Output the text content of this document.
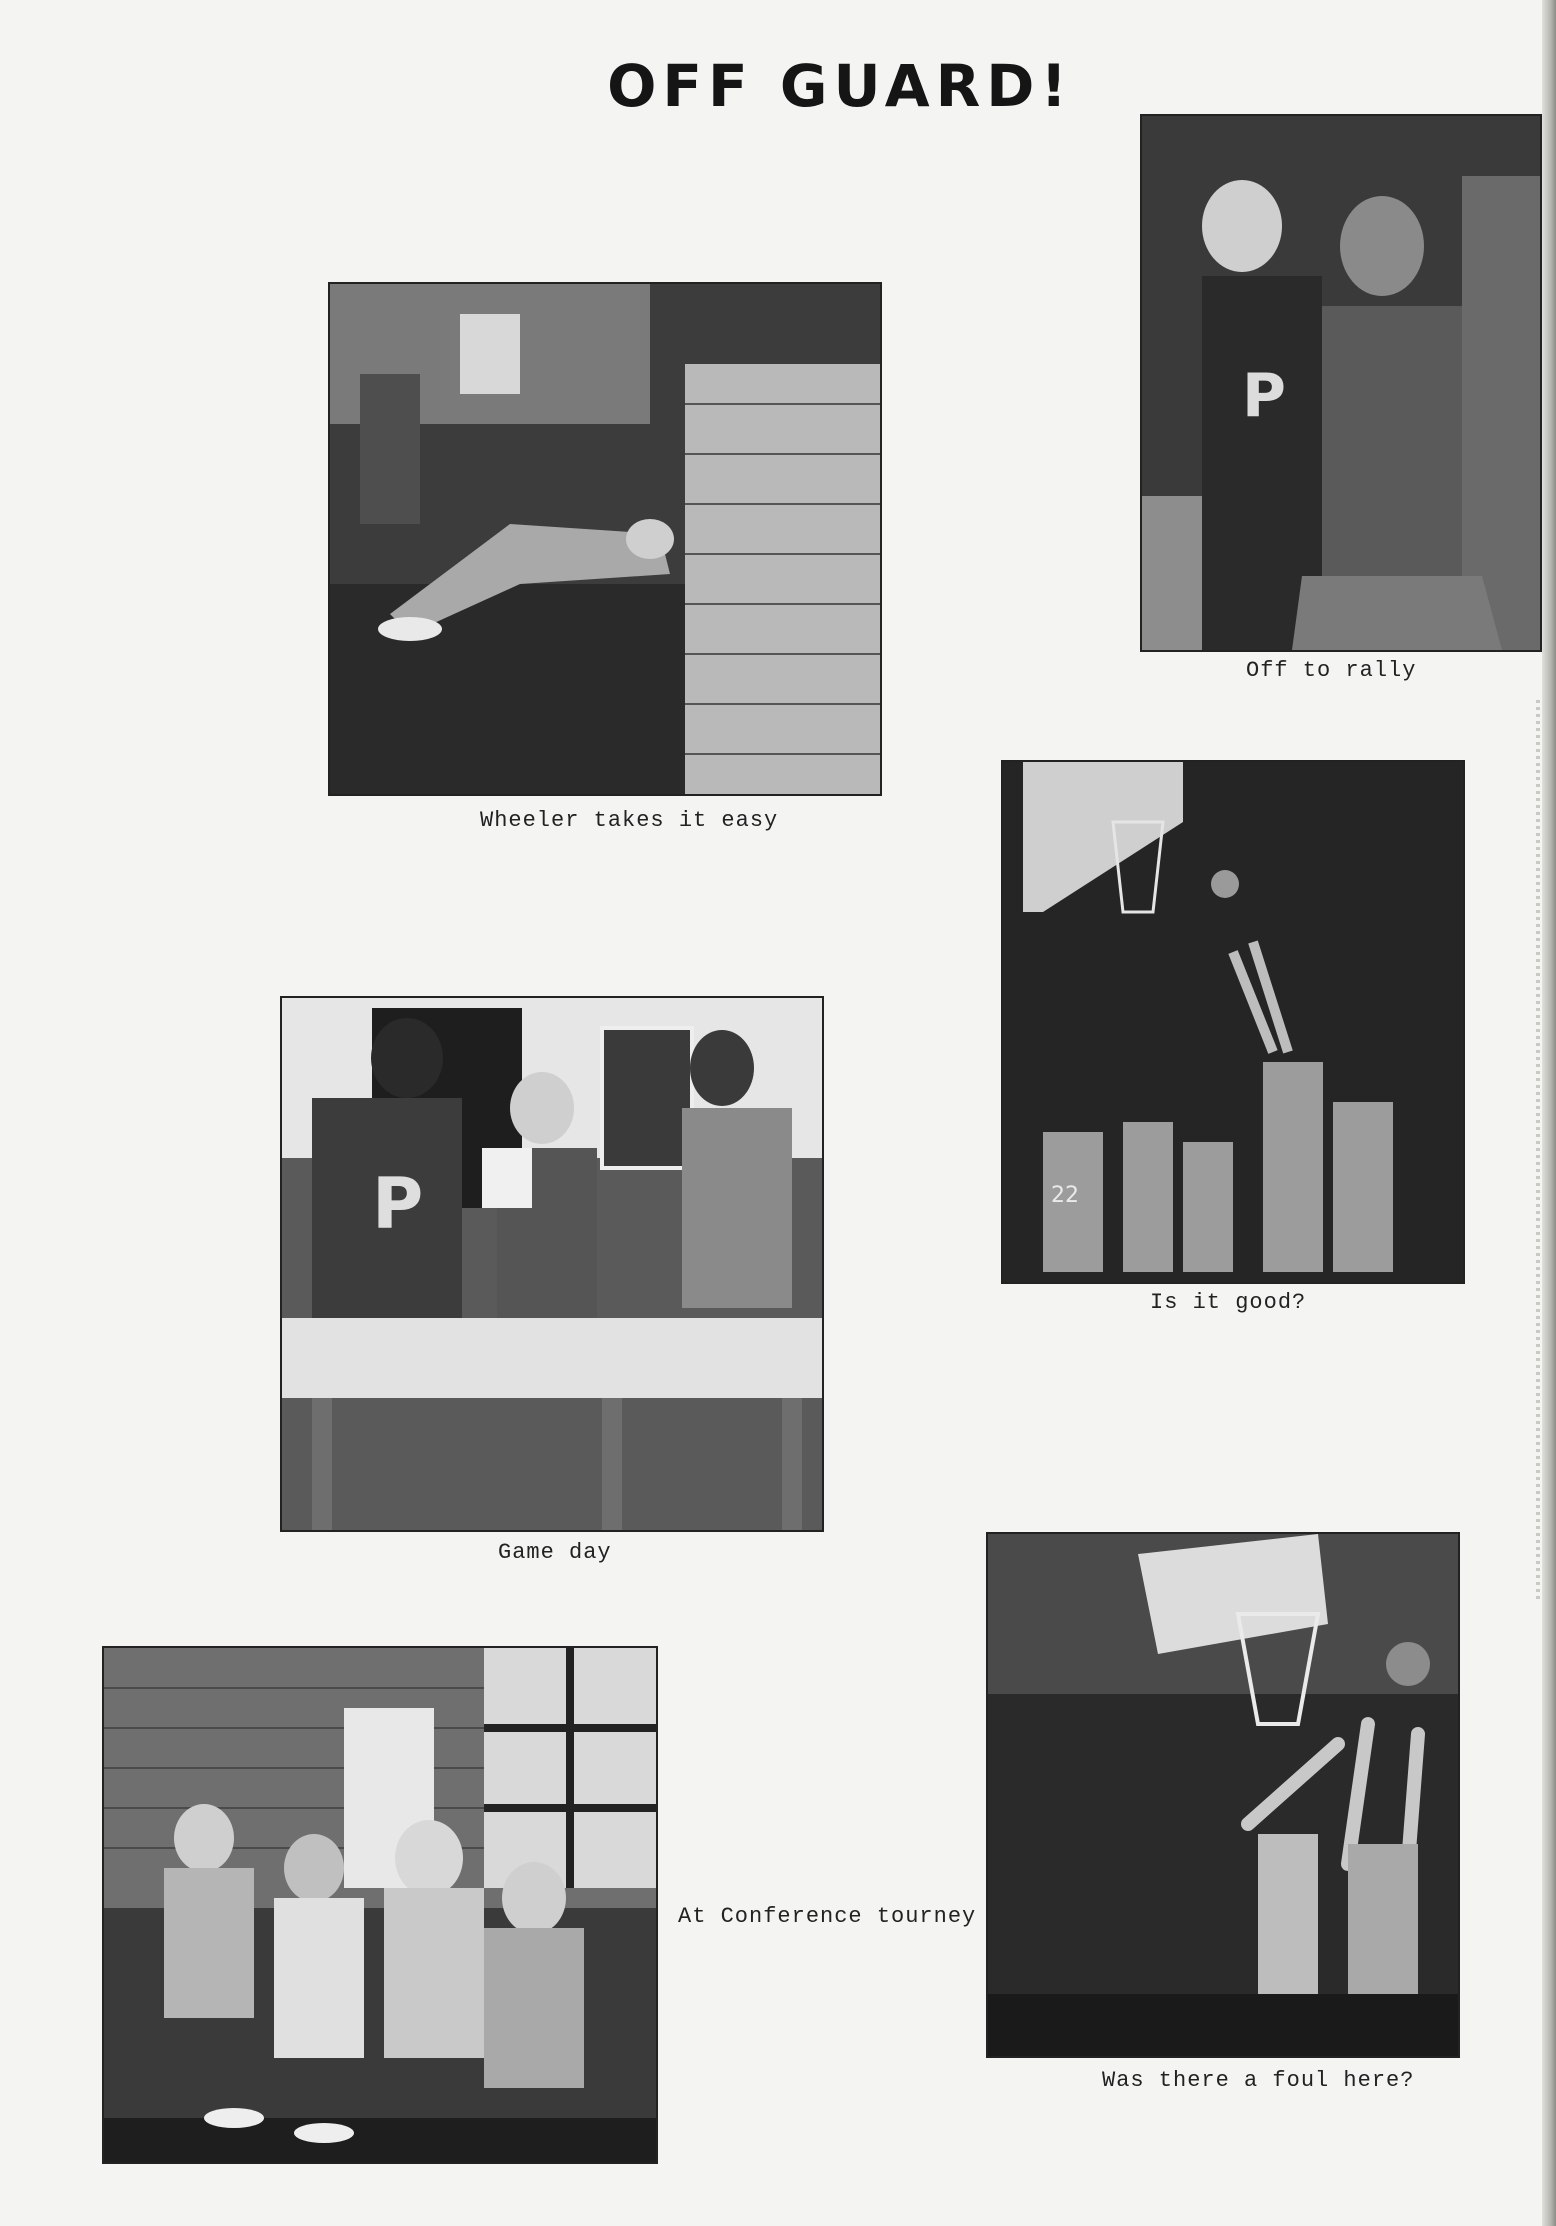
OFF GUARD!
P

Off to rally

Wheeler takes it easy

22

Is it good?

P

Game day

At Conference tourney

Was there a foul here?
